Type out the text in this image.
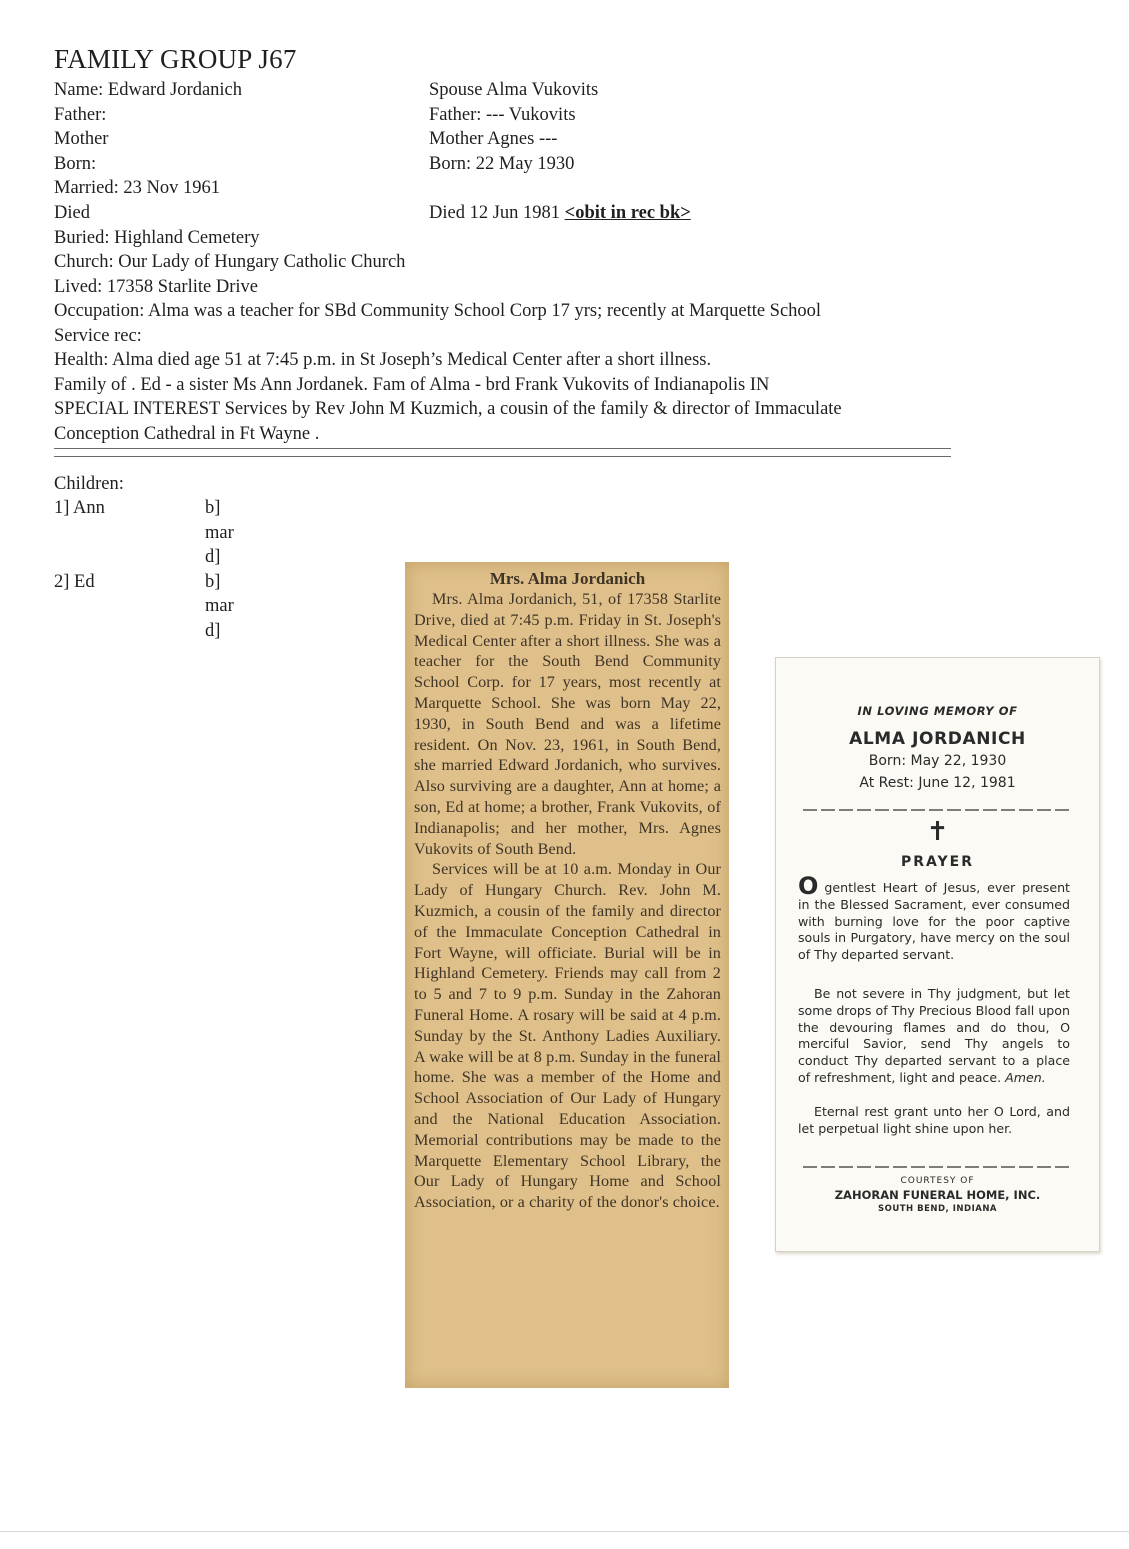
FAMILY GROUP J67
Name: Edward Jordanich
Father:
Mother
Born:
Married: 23 Nov 1961
Died
Spouse Alma Vukovits
Father: --- Vukovits
Mother Agnes ---
Born: 22 May 1930
Died 12 Jun 1981 <obit in rec bk>
Buried: Highland Cemetery
Church: Our Lady of Hungary Catholic Church
Lived: 17358 Starlite Drive
Occupation: Alma was a teacher for SBd Community School Corp 17 yrs; recently at Marquette School
Service rec:
Health: Alma died age 51 at 7:45 p.m. in St Joseph’s Medical Center after a short illness.
Family of . Ed - a sister Ms Ann Jordanek. Fam of Alma - brd Frank Vukovits of Indianapolis IN
SPECIAL INTEREST Services by Rev John M Kuzmich, a cousin of the family & director of Immaculate
Conception Cathedral in Ft Wayne .
Children:
1] Ann	b]
mar
d]
2] Ed	b]
mar
d]
Mrs. Alma Jordanich

Mrs. Alma Jordanich, 51, of 17358 Starlite Drive, died at 7:45 p.m. Friday in St. Joseph's Medical Center after a short illness. She was a teacher for the South Bend Community School Corp. for 17 years, most recently at Marquette School. She was born May 22, 1930, in South Bend and was a lifetime resident. On Nov. 23, 1961, in South Bend, she married Edward Jordanich, who survives. Also surviving are a daughter, Ann at home; a son, Ed at home; a brother, Frank Vukovits, of Indianapolis; and her mother, Mrs. Agnes Vukovits of South Bend.

Services will be at 10 a.m. Monday in Our Lady of Hungary Church. Rev. John M. Kuzmich, a cousin of the family and director of the Immaculate Conception Cathedral in Fort Wayne, will officiate. Burial will be in Highland Cemetery. Friends may call from 2 to 5 and 7 to 9 p.m. Sunday in the Zahoran Funeral Home. A rosary will be said at 4 p.m. Sunday by the St. Anthony Ladies Auxiliary. A wake will be at 8 p.m. Sunday in the funeral home. She was a member of the Home and School Association of Our Lady of Hungary and the National Education Association. Memorial contributions may be made to the Marquette Elementary School Library, the Our Lady of Hungary Home and School Association, or a charity of the donor's choice.

IN LOVING MEMORY OF
ALMA JORDANICH
Born: May 22, 1930
At Rest: June 12, 1981
✝
PRAYER
Ogentlest Heart of Jesus, ever present in the Blessed Sacrament, ever consumed with burning love for the poor captive souls in Purgatory, have mercy on the soul of Thy departed servant.
Be not severe in Thy judgment, but let some drops of Thy Precious Blood fall upon the devouring flames and do thou, O merciful Savior, send Thy angels to conduct Thy departed servant to a place of refreshment, light and peace. Amen.
Eternal rest grant unto her O Lord, and let perpetual light shine upon her.
COURTESY OF
ZAHORAN FUNERAL HOME, INC.
SOUTH BEND, INDIANA
